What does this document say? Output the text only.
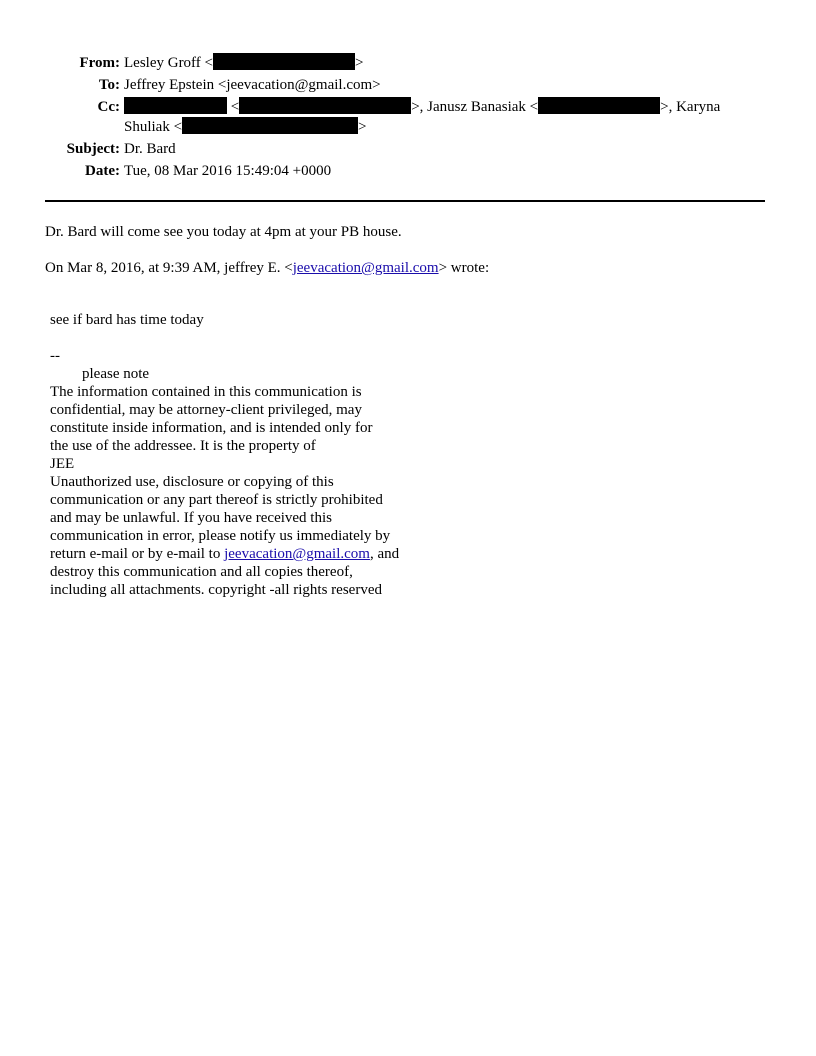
From: Lesley Groff <	>
To: Jeffrey Epstein <jeevacation@gmail.com>
Cc:	<	>, Janusz Banasiak <	>, Karyna
Shuliak <	>
Subject: Dr. Bard
Date: Tue, 08 Mar 2016 15:49:04 +0000
Dr. Bard will come see you today at 4pm at your PB house.
On Mar 8, 2016, at 9:39 AM, jeffrey E. <jeevacation@gmail.com> wrote:
see if bard has time today
--
please note
The information contained in this communication is
confidential, may be attorney-client privileged, may
constitute inside information, and is intended only for
the use of the addressee. It is the property of
JEE
Unauthorized use, disclosure or copying of this
communication or any part thereof is strictly prohibited
and may be unlawful. If you have received this
communication in error, please notify us immediately by
return e-mail or by e-mail to jeevacation@gmail.com, and
destroy this communication and all copies thereof,
including all attachments. copyright -all rights reserved
